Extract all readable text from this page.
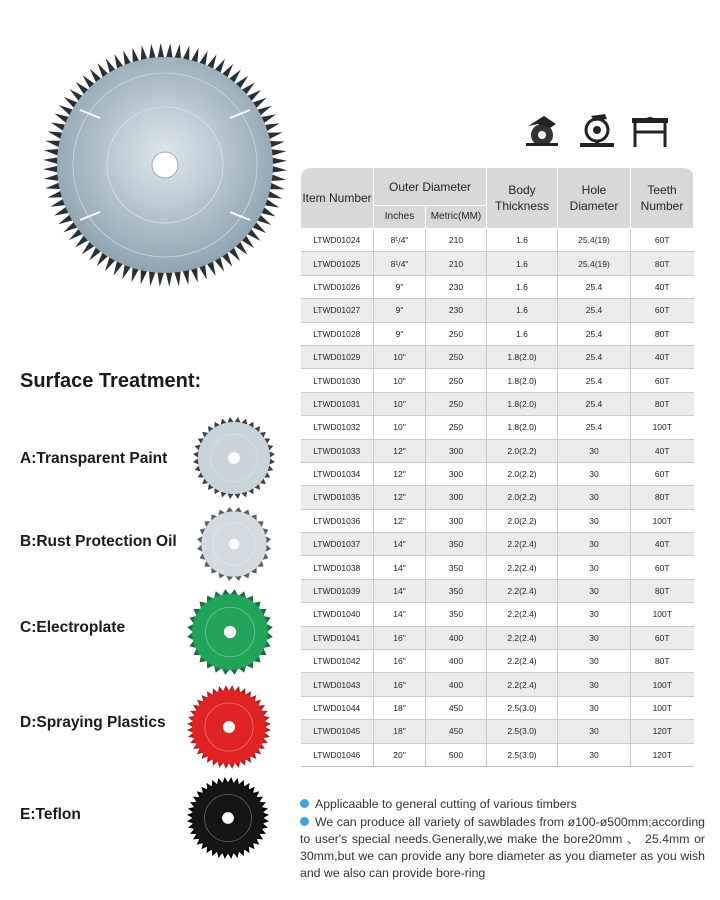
Item Number	Outer Diameter		Body Thickness	Hole Diameter	Teeth Number
	Inches	Metric(MM)			
LTWD01024	8¹/4"	210	1.6	25.4(19)	60T
LTWD01025	8¹/4"	210	1.6	25.4(19)	80T
LTWD01026	9"	230	1.6	25.4	40T
LTWD01027	9"	230	1.6	25.4	60T
LTWD01028	9"	250	1.6	25.4	80T
LTWD01029	10"	250	1.8(2.0)	25.4	40T
LTWD01030	10"	250	1.8(2.0)	25.4	60T
LTWD01031	10"	250	1.8(2.0)	25.4	80T
LTWD01032	10"	250	1.8(2.0)	25.4	100T
LTWD01033	12"	300	2.0(2.2)	30	40T
LTWD01034	12"	300	2.0(2.2)	30	60T
LTWD01035	12"	300	2.0(2.2)	30	80T
LTWD01036	12"	300	2.0(2.2)	30	100T
LTWD01037	14"	350	2.2(2.4)	30	40T
LTWD01038	14"	350	2.2(2.4)	30	60T
LTWD01039	14"	350	2.2(2.4)	30	80T
LTWD01040	14"	350	2.2(2.4)	30	100T
LTWD01041	16"	400	2.2(2.4)	30	60T
LTWD01042	16"	400	2.2(2.4)	30	80T
LTWD01043	16"	400	2.2(2.4)	30	100T
LTWD01044	18"	450	2.5(3.0)	30	100T
LTWD01045	18"	450	2.5(3.0)	30	120T
LTWD01046	20"	500	2.5(3.0)	30	120T
Surface Treatment:
A:Transparent Paint
B:Rust Protection Oil
C:Electroplate
D:Spraying Plastics
E:Teflon
Applicaable to general cutting of various timbers
We can produce all variety of sawblades from ø100-ø500mm;according to user's special needs.Generally,we make the bore20mm 、 25.4mm or 30mm,but we can provide any bore diameter as you diameter as you wish and we also can provide bore-ring
